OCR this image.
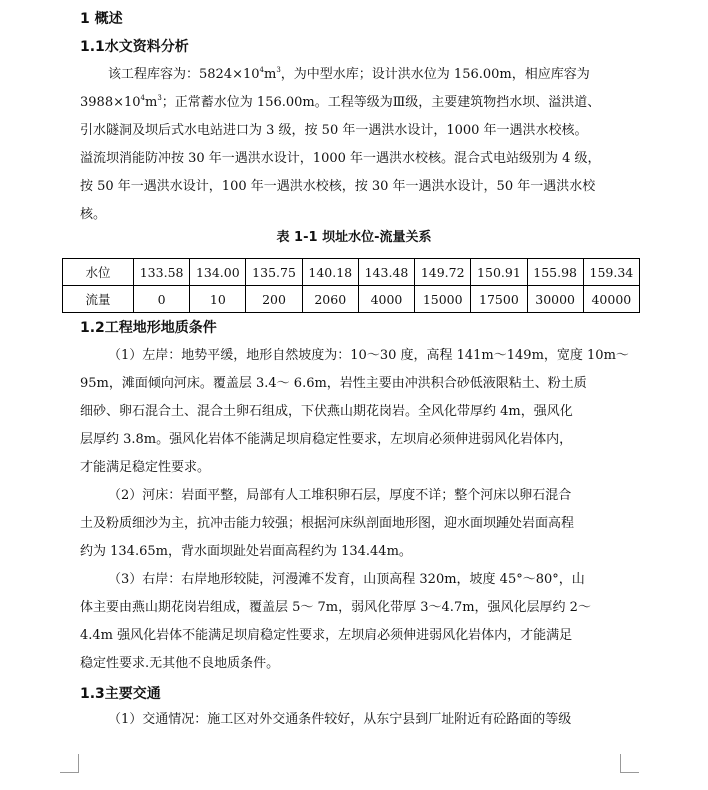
1 概述
1.1水文资料分析
该工程库容为：$5824\times 10^4m^3$，为中型水库；设计洪水位为 156.00m，相应库容为
$3988\times 10^4m^3$；正常蓄水位为 156.00m。工程等级为Ⅲ级，主要建筑物挡水坝、溢洪道、
引水隧洞及坝后式水电站进口为 3 级，按 50 年一遇洪水设计，1000 年一遇洪水校核。
溢流坝消能防冲按 30 年一遇洪水设计，1000 年一遇洪水校核。混合式电站级别为 4 级，
按 50 年一遇洪水设计，100 年一遇洪水校核，按 30 年一遇洪水设计，50 年一遇洪水校
核。
表 1-1 坝址水位-流量关系
水位	133.58	134.00	135.75	140.18	143.48	149.72	150.91	155.98	159.34
流量	0	10	200	2060	4000	15000	17500	30000	40000
1.2工程地形地质条件
（1）左岸：地势平缓，地形自然坡度为：10～30 度，高程 141m～149m，宽度 10m～
95m，滩面倾向河床。覆盖层 3.4～ 6.6m，岩性主要由冲洪积合砂低液限粘土、粉土质
细砂、卵石混合土、混合土卵石组成，下伏燕山期花岗岩。全风化带厚约 4m，强风化
层厚约 3.8m。强风化岩体不能满足坝肩稳定性要求，左坝肩必须伸进弱风化岩体内，
才能满足稳定性要求。
（2）河床：岩面平整，局部有人工堆积卵石层，厚度不详；整个河床以卵石混合
土及粉质细沙为主，抗冲击能力较强；根据河床纵剖面地形图，迎水面坝踵处岩面高程
约为 134.65m，背水面坝趾处岩面高程约为 134.44m。
（3）右岸：右岸地形较陡，河漫滩不发育，山顶高程 320m，坡度 45°～80°，山
体主要由燕山期花岗岩组成，覆盖层 5～ 7m，弱风化带厚 3～4.7m，强风化层厚约 2～
4.4m 强风化岩体不能满足坝肩稳定性要求，左坝肩必须伸进弱风化岩体内，才能满足
稳定性要求.无其他不良地质条件。
1.3主要交通
（1）交通情况：施工区对外交通条件较好，从东宁县到厂址附近有砼路面的等级
